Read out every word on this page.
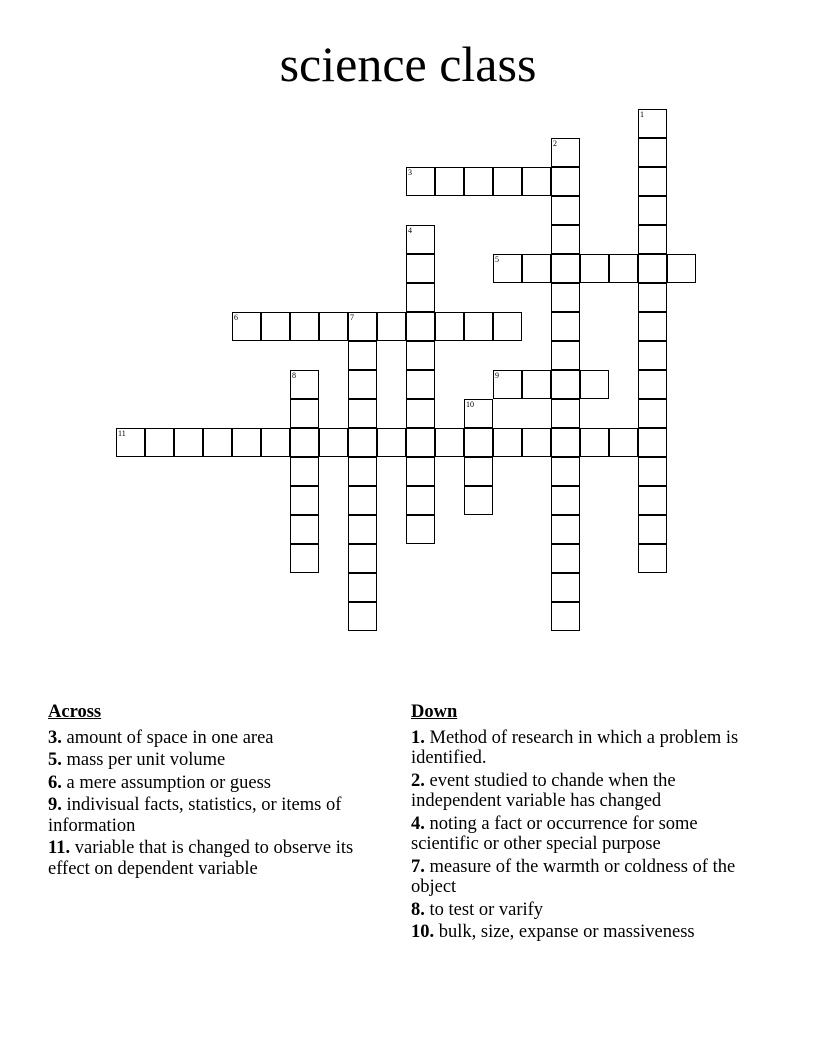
science class
1
2
3
4
5
6	7
8	9
10
11
Across
3. amount of space in one area
5. mass per unit volume
6. a mere assumption or guess
9. indivisual facts, statistics, or items of information
11. variable that is changed to observe its effect on dependent variable
Down
1. Method of research in which a problem is identified.
2. event studied to chande when the independent variable has changed
4. noting a fact or occurrence for some scientific or other special purpose
7. measure of the warmth or coldness of the object
8. to test or varify
10. bulk, size, expanse or massiveness
